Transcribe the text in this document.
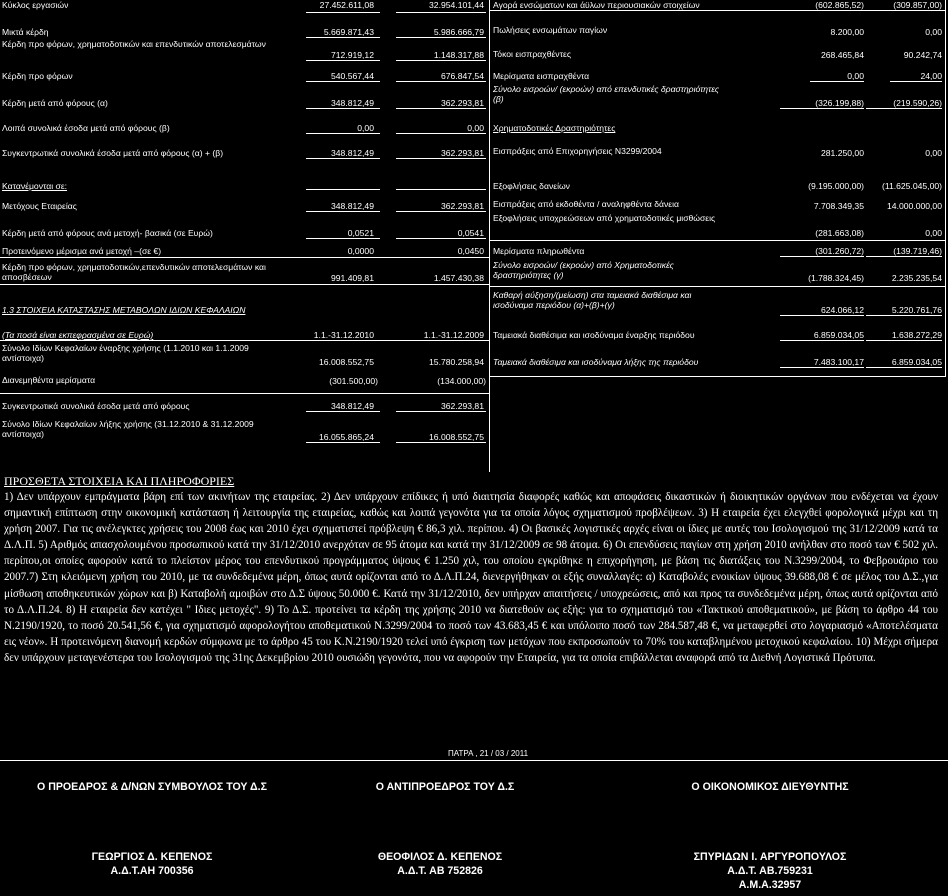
Κύκλος εργασιών	27.452.611,08	32.954.101,44
Μικτά κέρδη	5.669.871,43	5.986.666,79
Κέρδη προ φόρων, χρηματοδοτικών και επενδυτικών αποτελεσμάτων
712.919,12	1.148.317,88
Κέρδη προ φόρων	540.567,44	676.847,54
Κέρδη μετά από φόρους (α)	348.812,49	362.293,81
Λοιπά συνολικά έσοδα μετά από φόρους (β)	0,00	0,00
Συγκεντρωτικά συνολικά έσοδα μετά από φόρους (α) + (β)	348.812,49	362.293,81
Κατανέμονται σε:
Μετόχους Εταιρείας	348.812,49	362.293,81
Κέρδη μετά από φόρους ανά μετοχή- βασικά (σε Ευρώ)	0,0521	0,0541
Προτεινόμενο μέρισμα ανά μετοχή –(σε €)	0,0000	0,0450
Κέρδη προ φόρων, χρηματοδοτικών,επενδυτικών αποτελεσμάτων και αποσβέσεων	991.409,81	1.457.430,38
1.3 ΣΤΟΙΧΕΙΑ ΚΑΤΑΣΤΑΣΗΣ ΜΕΤΑΒΟΛΩΝ ΙΔΙΩΝ ΚΕΦΑΛΑΙΩΝ
(Τα ποσά είναι εκπεφρασμένα σε Ευρώ)	1.1.-31.12.2010	1.1.-31.12.2009
Σύνολο Ιδίων Κεφαλαίων έναρξης χρήσης (1.1.2010 και 1.1.2009 αντίστοιχα)	16.008.552,75	15.780.258,94
Διανεμηθέντα μερίσματα	(301.500,00)	(134.000,00)
Συγκεντρωτικά συνολικά έσοδα μετά από φόρους	348.812,49	362.293,81
Σύνολο Ιδίων Κεφαλαίων λήξης χρήσης (31.12.2010 & 31.12.2009 αντίστοιχα)	16.055.865,24	16.008.552,75
Αγορά ενσώματων και άϋλων περιουσιακών στοιχείων	(602.865,52)	(309.857,00)
Πωλήσεις ενσωμάτων παγίων	8.200,00	0,00
Τόκοι εισπραχθέντες	268.465,84	90.242,74
Μερίσματα εισπραχθέντα	0,00	24,00
Σύνολο εισροών/ (εκροών) από επενδυτικές δραστηριότητες (β)	(326.199,88)	(219.590,26)
Χρηματοδοτικές Δραστηριότητες
Εισπράξεις από Επιχορηγήσεις Ν3299/2004	281.250,00	0,00
Εξοφλήσεις δανείων	(9.195.000,00)	(11.625.045,00)
Εισπράξεις από εκδοθέντα / αναληφθέντα δάνεια	7.708.349,35	14.000.000,00
Εξοφλήσεις υποχρεώσεων από χρηματοδοτικές μισθώσεις
(281.663,08)	0,00
Μερίσματα πληρωθέντα	(301.260,72)	(139.719,46)
Σύνολο εισροών/ (εκροών) από Χρηματοδοτικές δραστηριότητες (γ)	(1.788.324,45)	2.235.235,54
Καθαρή αύξηση/(μείωση) στα ταμειακά διαθέσιμα και ισοδύναμα περιόδου (α)+(β)+(γ)	624.066,12	5.220.761,76
Ταμειακά διαθέσιμα και ισοδύναμα έναρξης περιόδου	6.859.034,05	1.638.272,29
Ταμειακά διαθέσιμα και ισοδύναμα λήξης της περιόδου	7.483.100,17	6.859.034,05
ΠΡΟΣΘΕΤΑ ΣΤΟΙΧΕΙΑ ΚΑΙ ΠΛΗΡΟΦΟΡΙΕΣ
1) Δεν υπάρχουν εμπράγματα βάρη επί των ακινήτων της εταιρείας. 2) Δεν υπάρχουν επίδικες ή υπό διαιτησία διαφορές καθώς και αποφάσεις δικαστικών ή διοικητικών οργάνων που ενδέχεται να έχουν σημαντική επίπτωση στην οικονομική κατάσταση ή λειτουργία της εταιρείας, καθώς και λοιπά γεγονότα για τα οποία λόγος σχηματισμού προβλέψεων. 3) Η εταιρεία έχει ελεγχθεί φορολογικά μέχρι και τη χρήση 2007. Για τις ανέλεγκτες χρήσεις του 2008 έως και 2010 έχει σχηματιστεί πρόβλεψη € 86,3 χιλ. περίπου. 4) Οι βασικές λογιστικές αρχές είναι οι ίδιες με αυτές του Ισολογισμού της 31/12/2009 κατά τα Δ.Λ.Π. 5) Αριθμός απασχολουμένου προσωπικού κατά την 31/12/2010 ανερχόταν σε 95 άτομα και κατά την 31/12/2009 σε 98 άτομα. 6) Οι επενδύσεις παγίων στη χρήση 2010 ανήλθαν στο ποσό των € 502 χιλ. περίπου,οι οποίες αφορούν κατά το πλείστον μέρος του επενδυτικού προγράμματος ύψους € 1.250 χιλ, του οποίου εγκρίθηκε η επιχορήγηση, με βάση τις διατάξεις του Ν.3299/2004, το Φεβρουάριο του 2007.7) Στη κλειόμενη χρήση του 2010, με τα συνδεδεμένα μέρη, όπως αυτά ορίζονται από το Δ.Λ.Π.24, διενεργήθηκαν οι εξής συναλλαγές: α) Καταβολές ενοικίων ύψους 39.688,08 € σε μέλος του Δ.Σ.,για μίσθωση αποθηκευτικών χώρων και β) Καταβολή αμοιβών στο Δ.Σ ύψους 50.000 €. Κατά την 31/12/2010, δεν υπήρχαν απαιτήσεις / υποχρεώσεις, από και προς τα συνδεδεμένα μέρη, όπως αυτά ορίζονται από το Δ.Λ.Π.24. 8) Η εταιρεία δεν κατέχει " Ιδιες μετοχές". 9) Το Δ.Σ. προτείνει τα κέρδη της χρήσης 2010 να διατεθούν ως εξής: για το σχηματισμό του «Τακτικού αποθεματικού», με βάση το άρθρο 44 του Ν.2190/1920, το ποσό 20.541,56 €, για σχηματισμό αφορολογήτου αποθεματικού Ν.3299/2004 το ποσό των 43.683,45 € και υπόλοιπο ποσό των 284.587,48 €, να μεταφερθεί στο λογαριασμό «Αποτελέσματα εις νέον». Η προτεινόμενη διανομή κερδών σύμφωνα με το άρθρο 45 του Κ.Ν.2190/1920 τελεί υπό έγκριση των μετόχων που εκπροσωπούν το 70% του καταβλημένου μετοχικού κεφαλαίου. 10) Μέχρι σήμερα δεν υπάρχουν μεταγενέστερα του Ισολογισμού της 31ης Δεκεμβρίου 2010 ουσιώδη γεγονότα, που να αφορούν την Εταιρεία, για τα οποία επιβάλλεται αναφορά από τα Διεθνή Λογιστικά Πρότυπα.
ΠΑΤΡΑ , 21 / 03 / 2011
Ο ΠΡΟΕΔΡΟΣ & Δ/ΝΩΝ ΣΥΜΒΟΥΛΟΣ ΤΟΥ Δ.Σ	Ο ΑΝΤΙΠΡΟΕΔΡΟΣ ΤΟΥ Δ.Σ	Ο ΟΙΚΟΝΟΜΙΚΟΣ ΔΙΕΥΘΥΝΤΗΣ
ΓΕΩΡΓΙΟΣ Δ. ΚΕΠΕΝΟΣ	ΘΕΟΦΙΛΟΣ Δ. ΚΕΠΕΝΟΣ	ΣΠΥΡΙΔΩΝ Ι. ΑΡΓΥΡΟΠΟΥΛΟΣ
Α.Δ.Τ.ΑΗ 700356	Α.Δ.Τ. ΑΒ 752826	Α.Δ.Τ. ΑΒ.759231
Α.Μ.Α.32957
